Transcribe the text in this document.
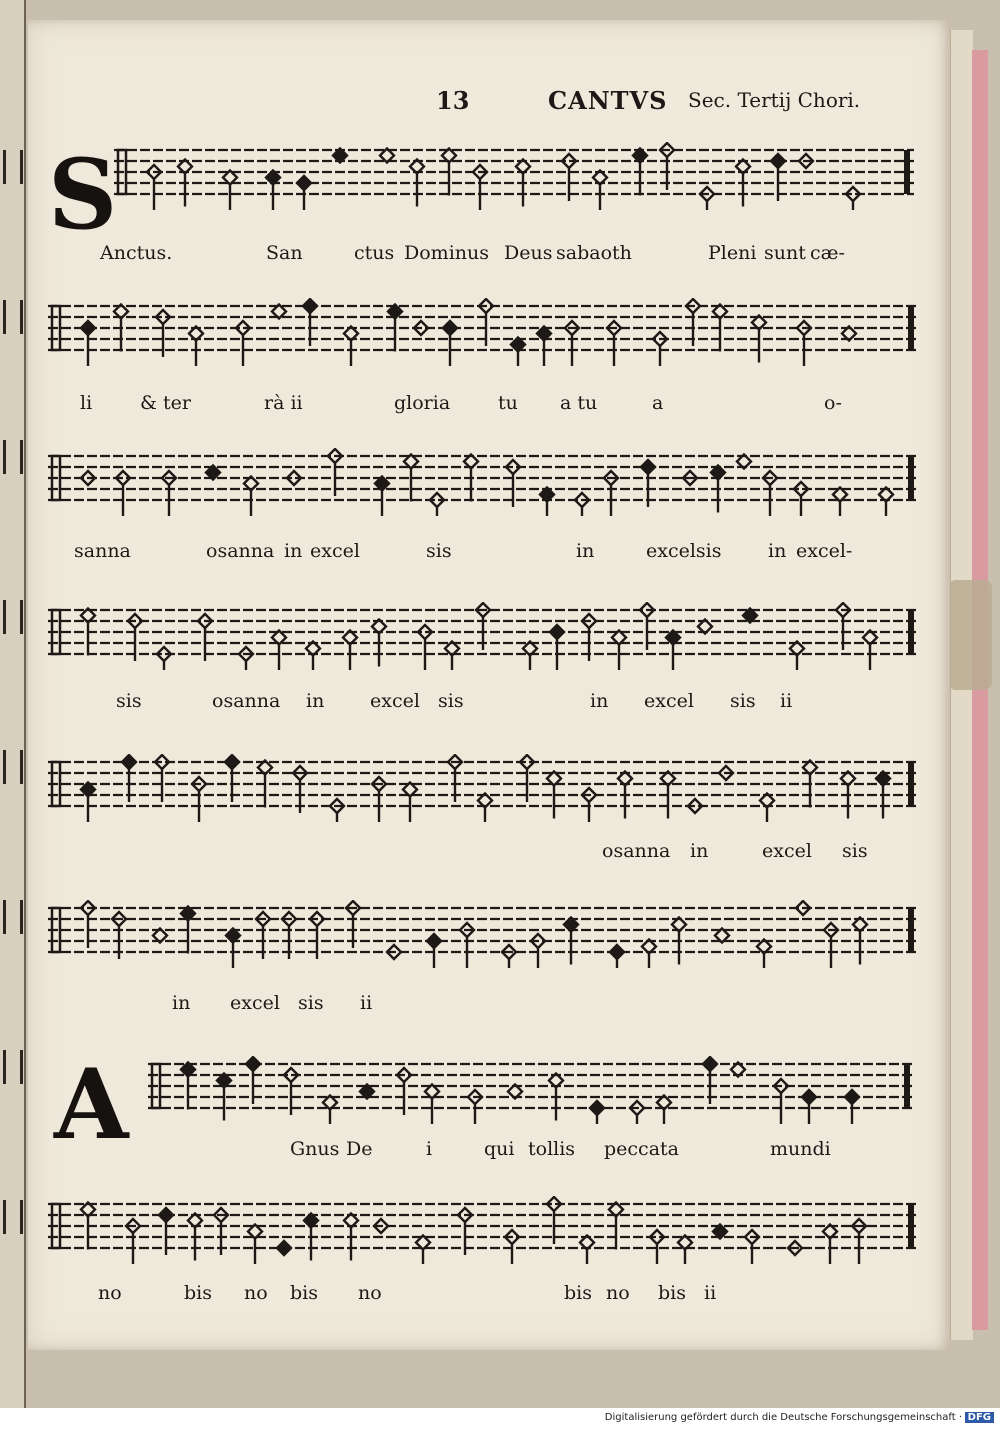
13	CANTVS Sec. Tertij Chori.
S
A
Anctus.	San	ctus Dominus Deus sabaoth	Pleni sunt cæ-
li	& ter	rà ii	gloria	tu a tu	a	o-
sanna	osanna in excel	sis	in	excelsis in excel-
sis	osanna in excel sis	in excel sis ii
osanna in	excel sis
in excel sis ii
Gnus De	i	qui tollis peccata	mundi
no	bis no bis no	bis no bis ii
Digitalisierung gefördert durch die Deutsche Forschungsgemeinschaft · DFG
